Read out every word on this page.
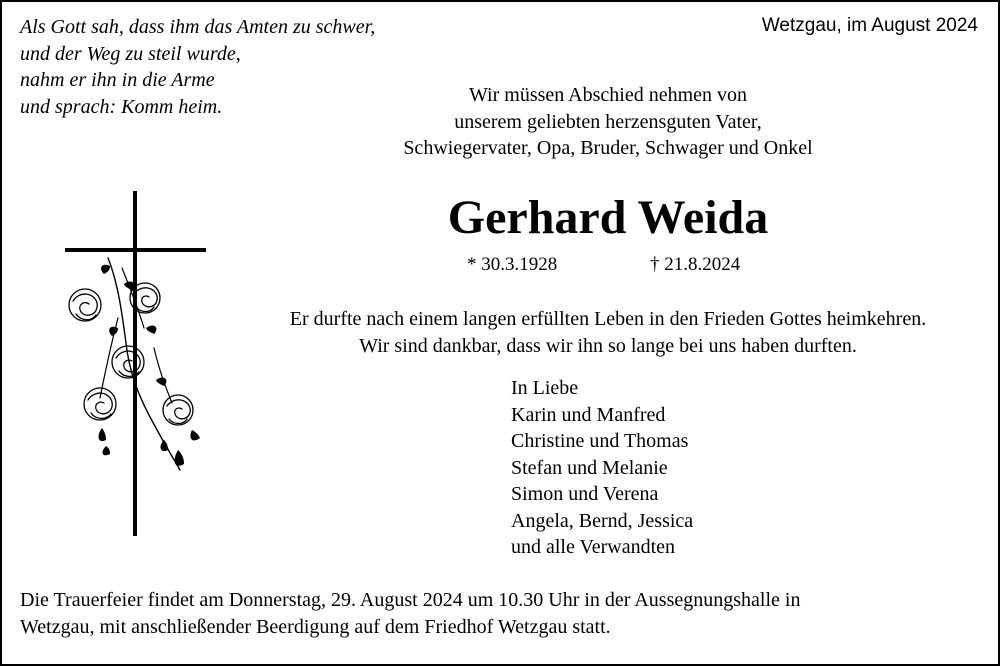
Als Gott sah, dass ihm das Amten zu schwer,
und der Weg zu steil wurde,
nahm er ihn in die Arme
und sprach: Komm heim.
Wetzgau, im August 2024
Wir müssen Abschied nehmen von
unserem geliebten herzensguten Vater,
Schwiegervater, Opa, Bruder, Schwager und Onkel
Gerhard Weida
* 30.3.1928	† 21.8.2024
Er durfte nach einem langen erfüllten Leben in den Frieden Gottes heimkehren.
Wir sind dankbar, dass wir ihn so lange bei uns haben durften.
In Liebe
Karin und Manfred
Christine und Thomas
Stefan und Melanie
Simon und Verena
Angela, Bernd, Jessica
und alle Verwandten
Die Trauerfeier findet am Donnerstag, 29. August 2024 um 10.30 Uhr in der Aussegnungshalle in
Wetzgau, mit anschließender Beerdigung auf dem Friedhof Wetzgau statt.
